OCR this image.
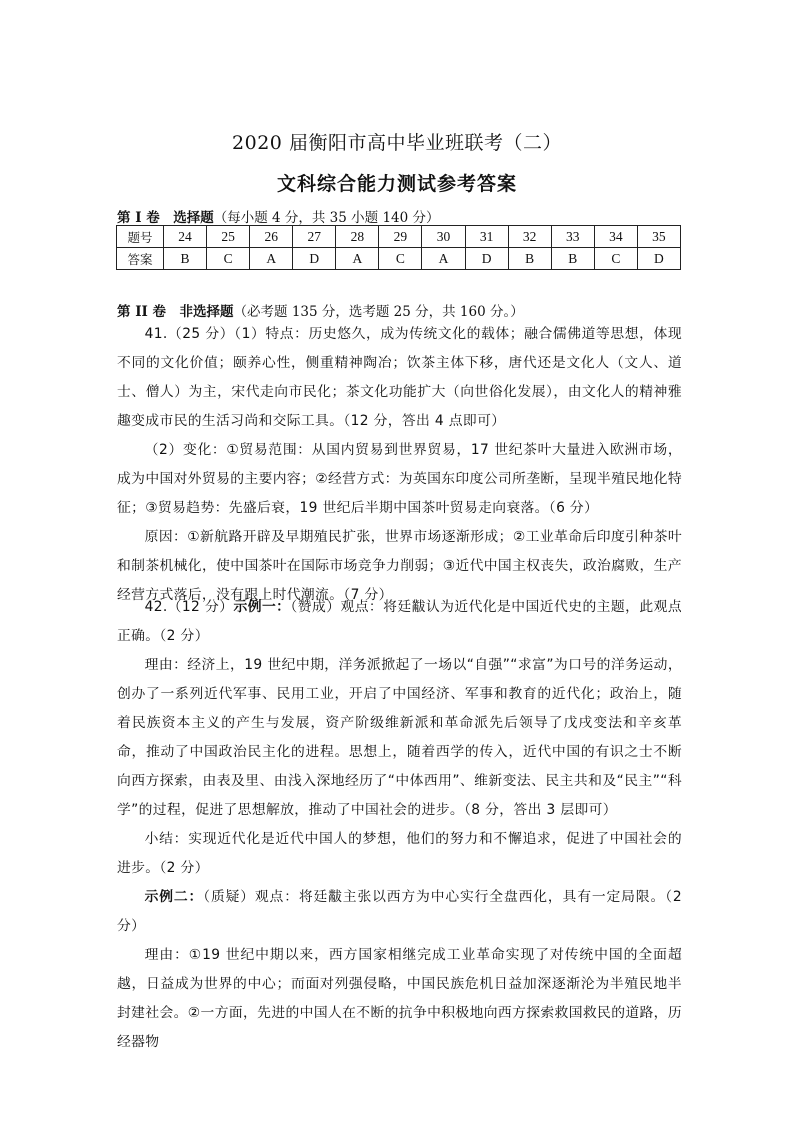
2020 届衡阳市高中毕业班联考（二）
文科综合能力测试参考答案
第 I 卷　选择题（每小题 4 分，共 35 小题 140 分）
题号	24	25	26	27	28	29	30	31	32	33	34	35
答案	B	C	A	D	A	C	A	D	B	B	C	D
第 II 卷　非选择题（必考题 135 分，选考题 25 分，共 160 分。）

41.（25 分）（1）特点：历史悠久，成为传统文化的载体；融合儒佛道等思想，体现不同的文化价值；颐养心性，侧重精神陶冶；饮茶主体下移，唐代还是文化人（文人、道士、僧人）为主，宋代走向市民化；茶文化功能扩大（向世俗化发展），由文化人的精神雅趣变成市民的生活习尚和交际工具。（12 分，答出 4 点即可）

（2）变化：①贸易范围：从国内贸易到世界贸易，17 世纪茶叶大量进入欧洲市场，成为中国对外贸易的主要内容；②经营方式：为英国东印度公司所垄断，呈现半殖民地化特征；③贸易趋势：先盛后衰，19 世纪后半期中国茶叶贸易走向衰落。（6 分）

原因：①新航路开辟及早期殖民扩张，世界市场逐渐形成；②工业革命后印度引种茶叶和制茶机械化，使中国茶叶在国际市场竞争力削弱；③近代中国主权丧失，政治腐败，生产经营方式落后，没有跟上时代潮流。（7 分）

42.（12 分）示例一：（赞成）观点：将廷黻认为近代化是中国近代史的主题，此观点正确。（2 分）

理由：经济上，19 世纪中期，洋务派掀起了一场以“自强”“求富”为口号的洋务运动，创办了一系列近代军事、民用工业，开启了中国经济、军事和教育的近代化；政治上，随着民族资本主义的产生与发展，资产阶级维新派和革命派先后领导了戊戌变法和辛亥革命，推动了中国政治民主化的进程。思想上，随着西学的传入，近代中国的有识之士不断向西方探索，由表及里、由浅入深地经历了“中体西用”、维新变法、民主共和及“民主”“科学”的过程，促进了思想解放，推动了中国社会的进步。（8 分，答出 3 层即可）

小结：实现近代化是近代中国人的梦想，他们的努力和不懈追求，促进了中国社会的进步。（2 分）

示例二：（质疑）观点：将廷黻主张以西方为中心实行全盘西化，具有一定局限。（2 分）

理由：①19 世纪中期以来，西方国家相继完成工业革命实现了对传统中国的全面超越，日益成为世界的中心；而面对列强侵略，中国民族危机日益加深逐渐沦为半殖民地半封建社会。②一方面，先进的中国人在不断的抗争中积极地向西方探索救国救民的道路，历经器物
